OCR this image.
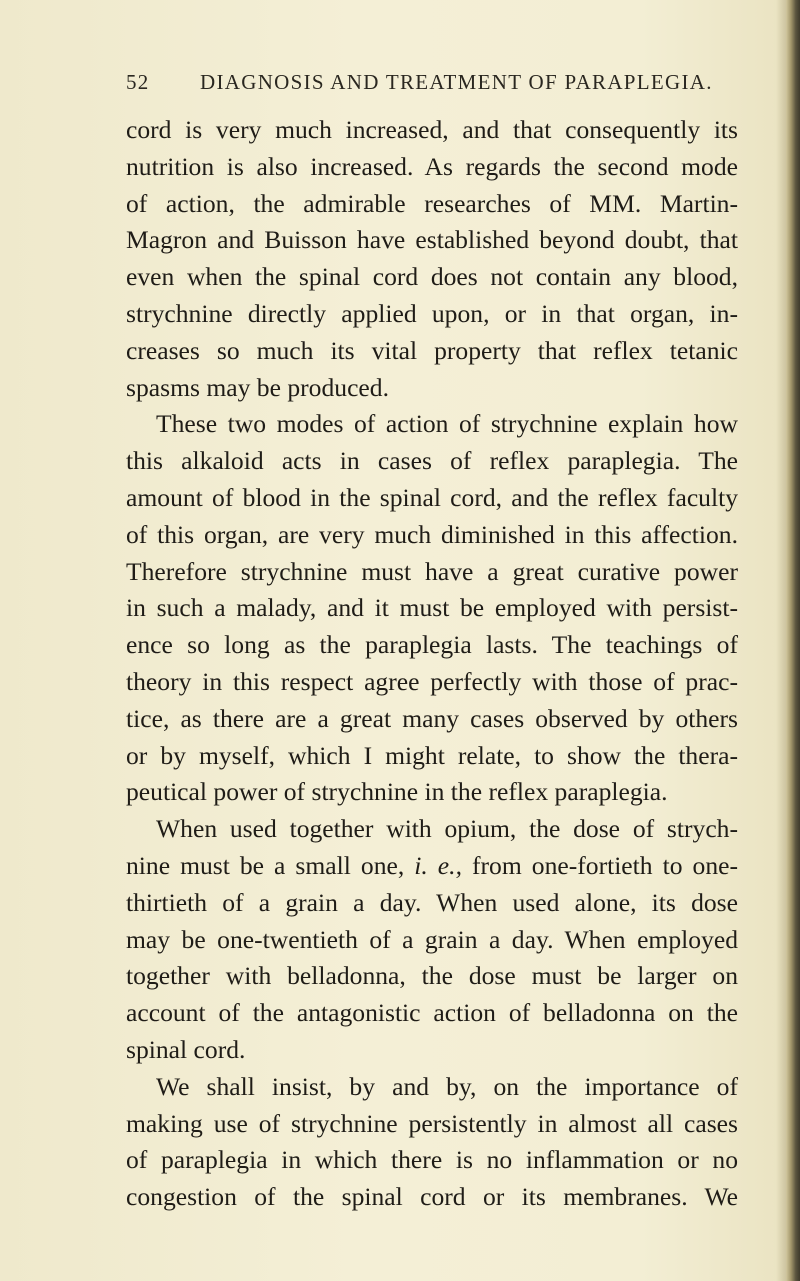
52 DIAGNOSIS AND TREATMENT OF PARAPLEGIA.
cord is very much increased, and that consequently its
nutrition is also increased. As regards the second mode
of action, the admirable researches of MM. Martin-
Magron and Buisson have established beyond doubt, that
even when the spinal cord does not contain any blood,
strychnine directly applied upon, or in that organ, in-
creases so much its vital property that reflex tetanic
spasms may be produced.
These two modes of action of strychnine explain how
this alkaloid acts in cases of reflex paraplegia. The
amount of blood in the spinal cord, and the reflex faculty
of this organ, are very much diminished in this affection.
Therefore strychnine must have a great curative power
in such a malady, and it must be employed with persist-
ence so long as the paraplegia lasts. The teachings of
theory in this respect agree perfectly with those of prac-
tice, as there are a great many cases observed by others
or by myself, which I might relate, to show the thera-
peutical power of strychnine in the reflex paraplegia.
When used together with opium, the dose of strych-
nine must be a small one, i. e., from one-fortieth to one-
thirtieth of a grain a day. When used alone, its dose
may be one-twentieth of a grain a day. When employed
together with belladonna, the dose must be larger on
account of the antagonistic action of belladonna on the
spinal cord.
We shall insist, by and by, on the importance of
making use of strychnine persistently in almost all cases
of paraplegia in which there is no inflammation or no
congestion of the spinal cord or its membranes. We
